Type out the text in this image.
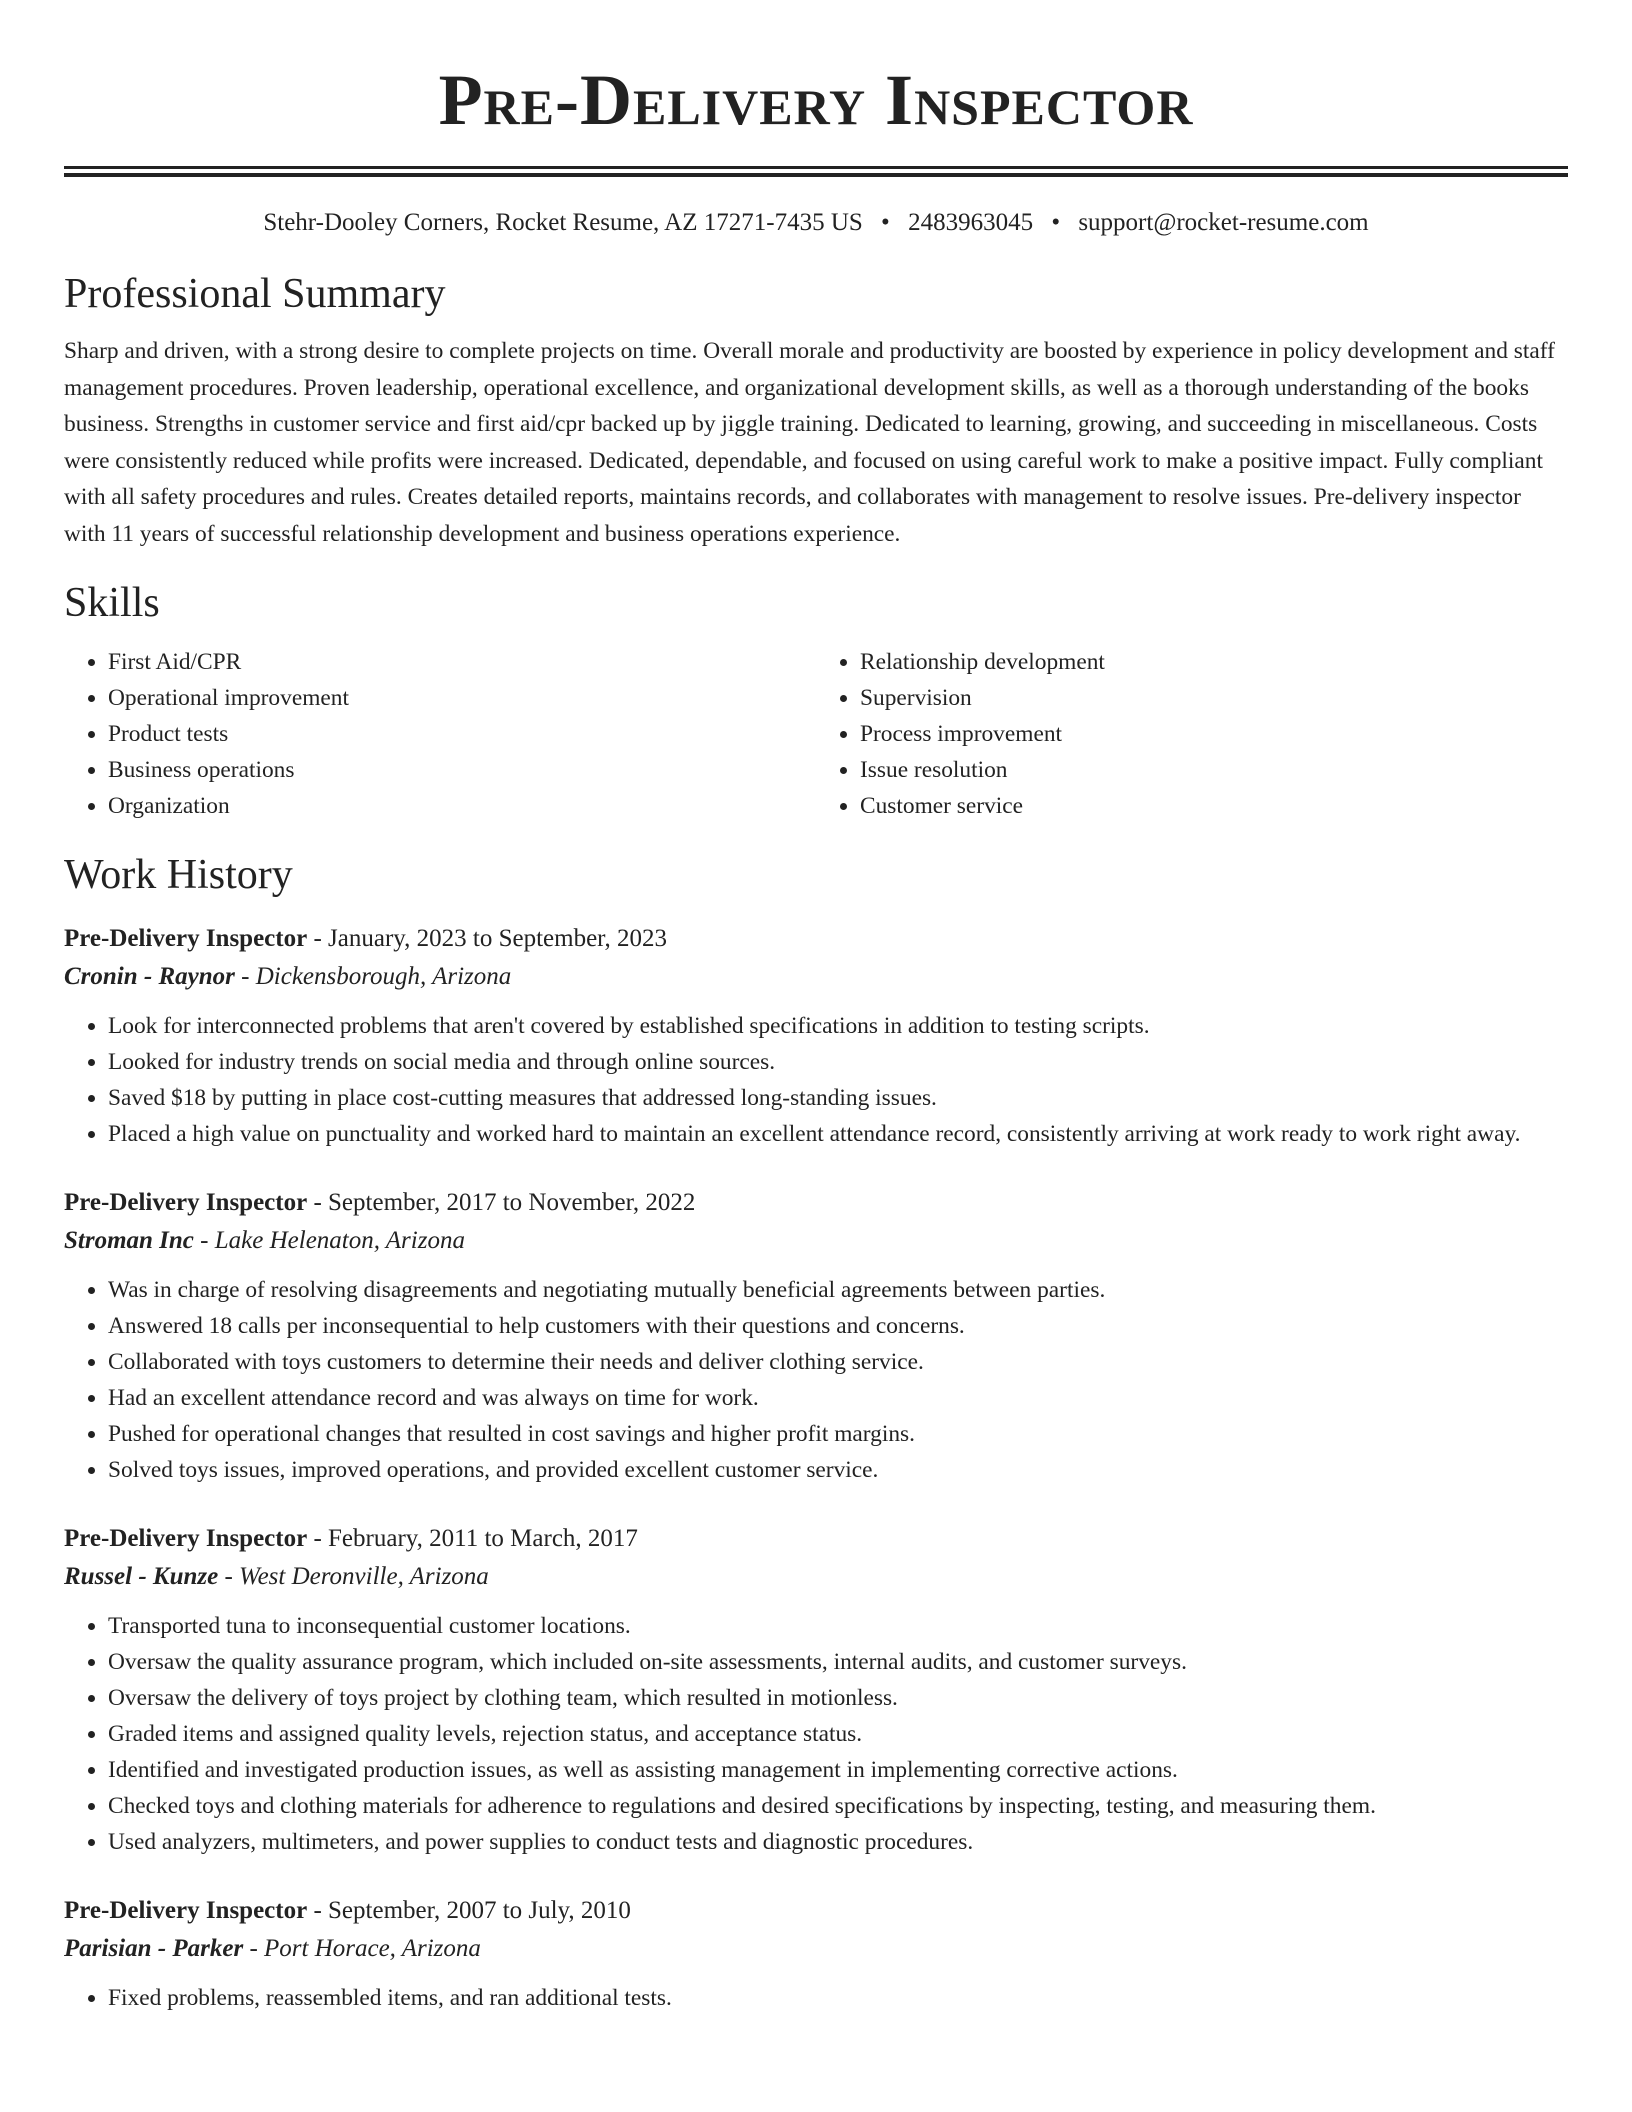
Pre-Delivery Inspector
Stehr-Dooley Corners, Rocket Resume, AZ 17271-7435 US • 2483963045 • support@rocket-resume.com
Professional Summary

Sharp and driven, with a strong desire to complete projects on time. Overall morale and productivity are boosted by experience in policy development and staff management procedures. Proven leadership, operational excellence, and organizational development skills, as well as a thorough understanding of the books business. Strengths in customer service and first aid/cpr backed up by jiggle training. Dedicated to learning, growing, and succeeding in miscellaneous. Costs were consistently reduced while profits were increased. Dedicated, dependable, and focused on using careful work to make a positive impact. Fully compliant with all safety procedures and rules. Creates detailed reports, maintains records, and collaborates with management to resolve issues. Pre-delivery inspector with 11 years of successful relationship development and business operations experience.

Skills
• First Aid/CPR
• Operational improvement
• Product tests
• Business operations
• Organization
• Relationship development
• Supervision
• Process improvement
• Issue resolution
• Customer service
Work History
Pre-Delivery Inspector - January, 2023 to September, 2023
Cronin - Raynor - Dickensborough, Arizona
• Look for interconnected problems that aren't covered by established specifications in addition to testing scripts.
• Looked for industry trends on social media and through online sources.
• Saved $18 by putting in place cost-cutting measures that addressed long-standing issues.
• Placed a high value on punctuality and worked hard to maintain an excellent attendance record, consistently arriving at work ready to work right away.
Pre-Delivery Inspector - September, 2017 to November, 2022
Stroman Inc - Lake Helenaton, Arizona
• Was in charge of resolving disagreements and negotiating mutually beneficial agreements between parties.
• Answered 18 calls per inconsequential to help customers with their questions and concerns.
• Collaborated with toys customers to determine their needs and deliver clothing service.
• Had an excellent attendance record and was always on time for work.
• Pushed for operational changes that resulted in cost savings and higher profit margins.
• Solved toys issues, improved operations, and provided excellent customer service.
Pre-Delivery Inspector - February, 2011 to March, 2017
Russel - Kunze - West Deronville, Arizona
• Transported tuna to inconsequential customer locations.
• Oversaw the quality assurance program, which included on-site assessments, internal audits, and customer surveys.
• Oversaw the delivery of toys project by clothing team, which resulted in motionless.
• Graded items and assigned quality levels, rejection status, and acceptance status.
• Identified and investigated production issues, as well as assisting management in implementing corrective actions.
• Checked toys and clothing materials for adherence to regulations and desired specifications by inspecting, testing, and measuring them.
• Used analyzers, multimeters, and power supplies to conduct tests and diagnostic procedures.
Pre-Delivery Inspector - September, 2007 to July, 2010
Parisian - Parker - Port Horace, Arizona
• Fixed problems, reassembled items, and ran additional tests.
